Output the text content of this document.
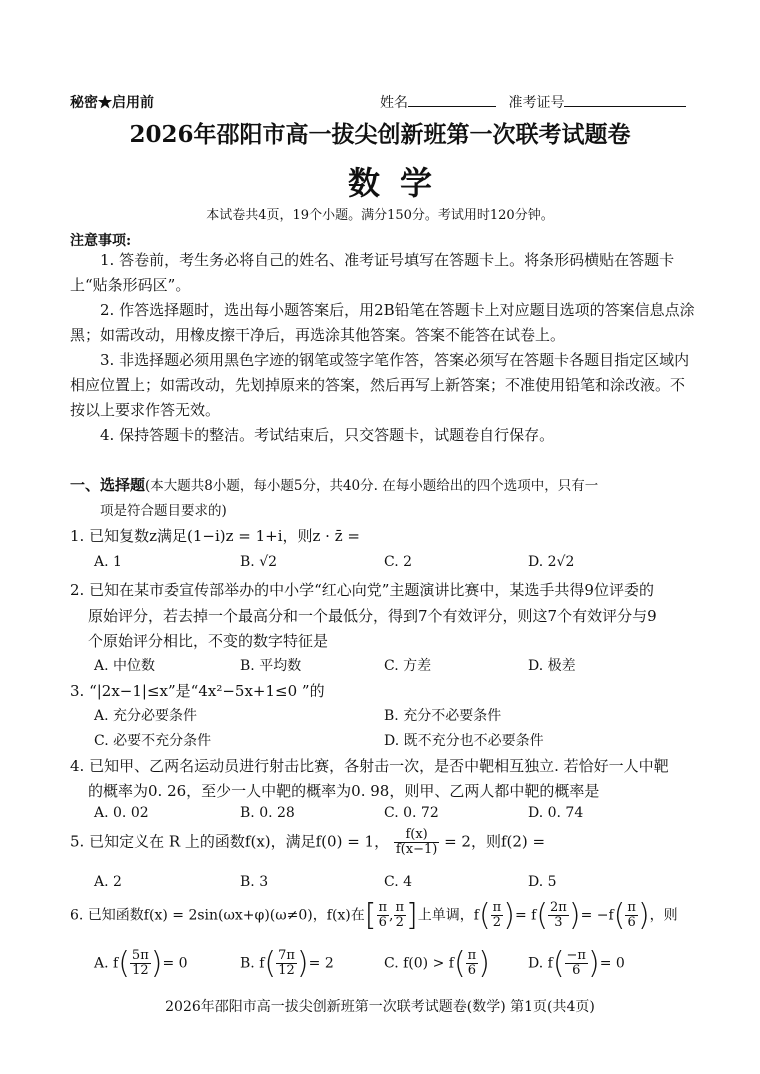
秘密★启用前	姓名	准考证号
2026年邵阳市高一拔尖创新班第一次联考试题卷
数学
本试卷共4页，19个小题。满分150分。考试用时120分钟。
注意事项:
1. 答卷前，考生务必将自己的姓名、准考证号填写在答题卡上。将条形码横贴在答题卡上“贴条形码区”。
2. 作答选择题时，选出每小题答案后，用2B铅笔在答题卡上对应题目选项的答案信息点涂黑；如需改动，用橡皮擦干净后，再选涂其他答案。答案不能答在试卷上。
3. 非选择题必须用黑色字迹的钢笔或签字笔作答，答案必须写在答题卡各题目指定区域内相应位置上；如需改动，先划掉原来的答案，然后再写上新答案；不准使用铅笔和涂改液。不按以上要求作答无效。
4. 保持答题卡的整洁。考试结束后，只交答题卡，试题卷自行保存。
一、选择题(本大题共8小题，每小题5分，共40分. 在每小题给出的四个选项中，只有一
项是符合题目要求的)
1. 已知复数z满足(1−i)z = 1+i，则z · z̄ =
A. 1	B. √2	C. 2	D. 2√2
2. 已知在某市委宣传部举办的中小学“红心向党”主题演讲比赛中，某选手共得9位评委的
原始评分，若去掉一个最高分和一个最低分，得到7个有效评分，则这7个有效评分与9
个原始评分相比，不变的数字特征是
A. 中位数	B. 平均数	C. 方差	D. 极差
3. “|2x−1|≤x”是“4x²−5x+1≤0 ”的
A. 充分必要条件	B. 充分不必要条件
C. 必要不充分条件	D. 既不充分也不必要条件
4. 已知甲、乙两名运动员进行射击比赛，各射击一次，是否中靶相互独立. 若恰好一人中靶
的概率为0. 26，至少一人中靶的概率为0. 98，则甲、乙两人都中靶的概率是
A. 0. 02	B. 0. 28	C. 0. 72	D. 0. 74
5. 已知定义在 R 上的函数f(x)，满足f(0) = 1， $\frac{f(x)}{f(x-1)} = 2$，则f(2) =
A. 2	B. 3	C. 4	D. 5
6. 已知函数f(x) = 2sin(ωx+φ)(ω≠0)，f(x)在[ $\frac{\pi}{6}$ , $\frac{\pi}{2}$ ]上单调，$f( \frac{\pi}{2}$ )= $f( \frac{2\pi}{3}$ )= $-f( \frac{\pi}{6}$ )，则
A. $f( \frac{5\pi}{12}$ )= 0	B. $f( \frac{7\pi}{12}$ )= 2	C. $f(0) > f( \frac{\pi}{6}$ )	D. $f( \frac{-\pi}{6}$ )= 0
2026年邵阳市高一拔尖创新班第一次联考试题卷(数学) 第1页(共4页)
